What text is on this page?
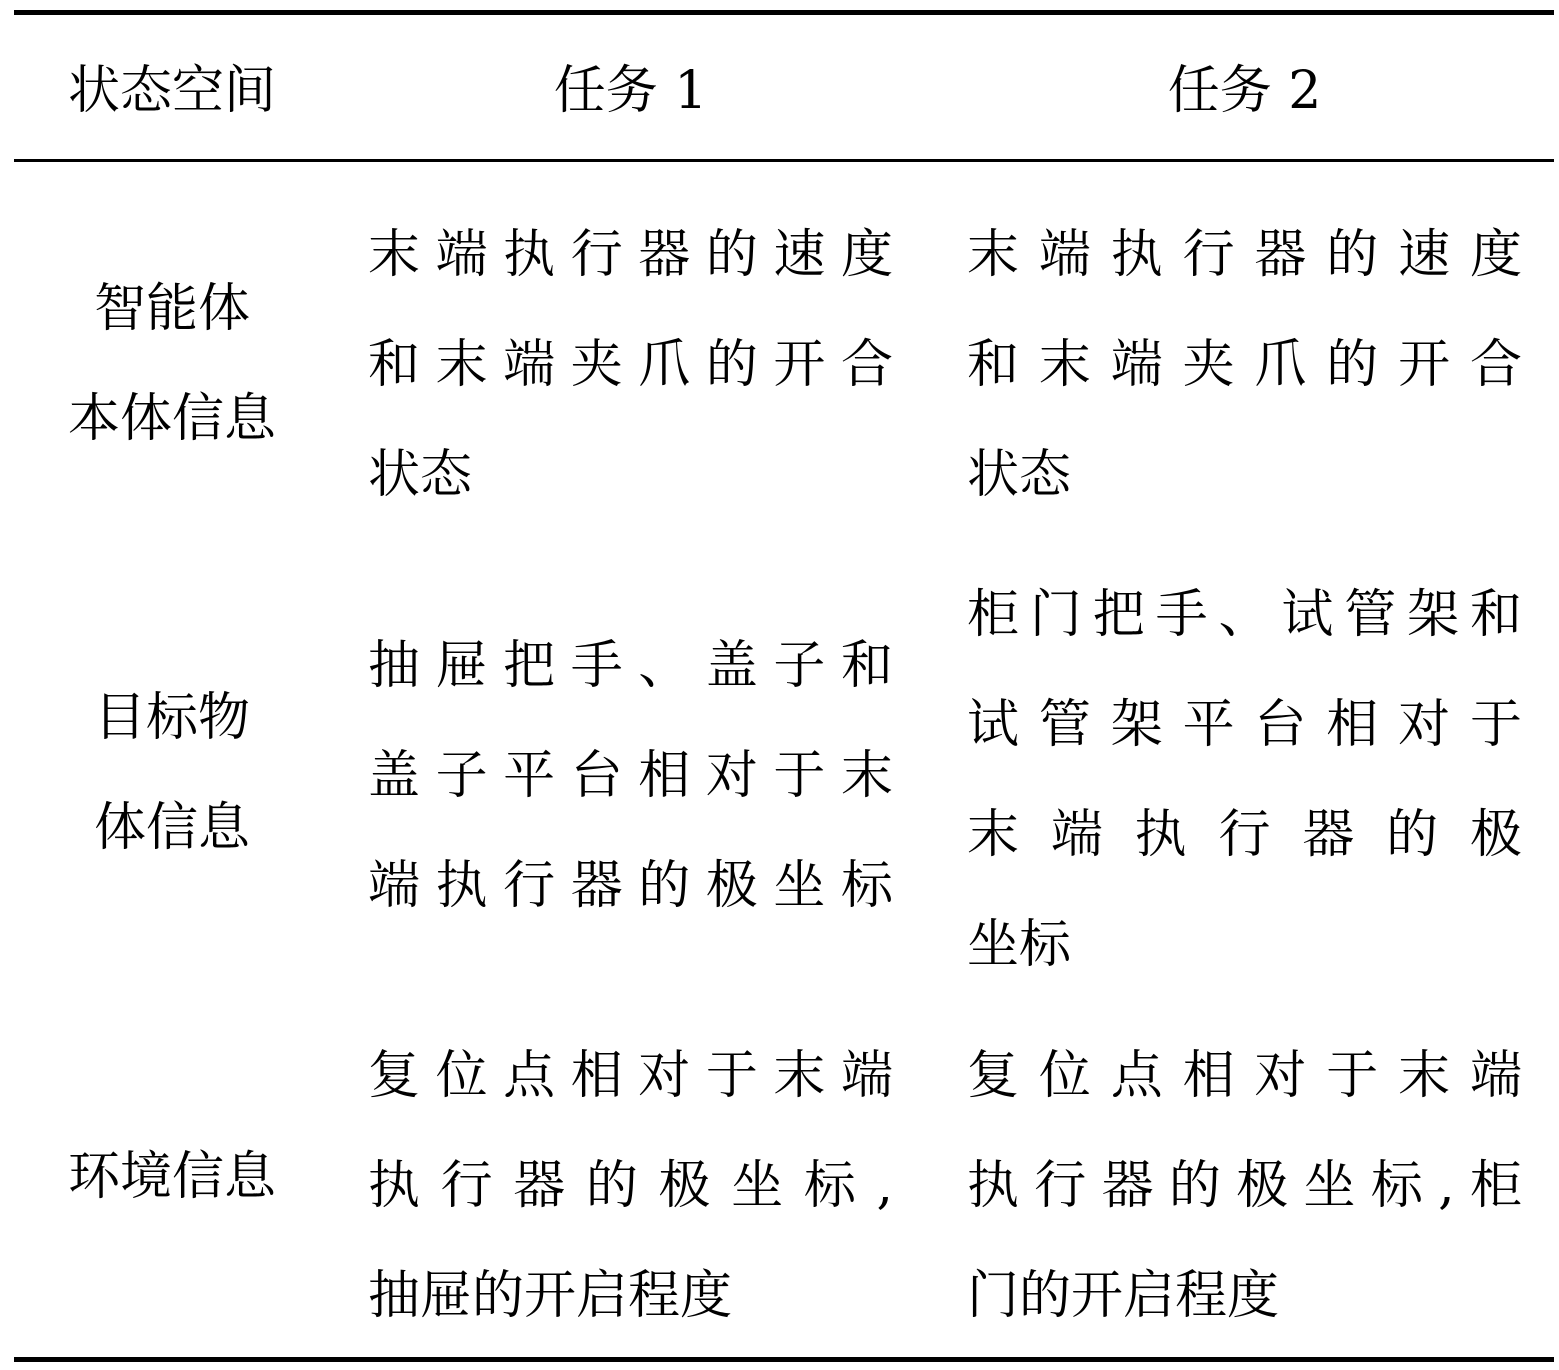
状态空间	任务 1	任务 2
智能体
本体信息
末端执行器的速度
和末端夹爪的开合
状态
末端执行器的速度
和末端夹爪的开合
状态
目标物
体信息
抽屉把手、盖子和
盖子平台相对于末
端执行器的极坐标
柜门把手、试管架和
试管架平台相对于
末端执行器的极
坐标
环境信息
复位点相对于末端
执行器的极坐标,
抽屉的开启程度
复位点相对于末端
执行器的极坐标,柜
门的开启程度
